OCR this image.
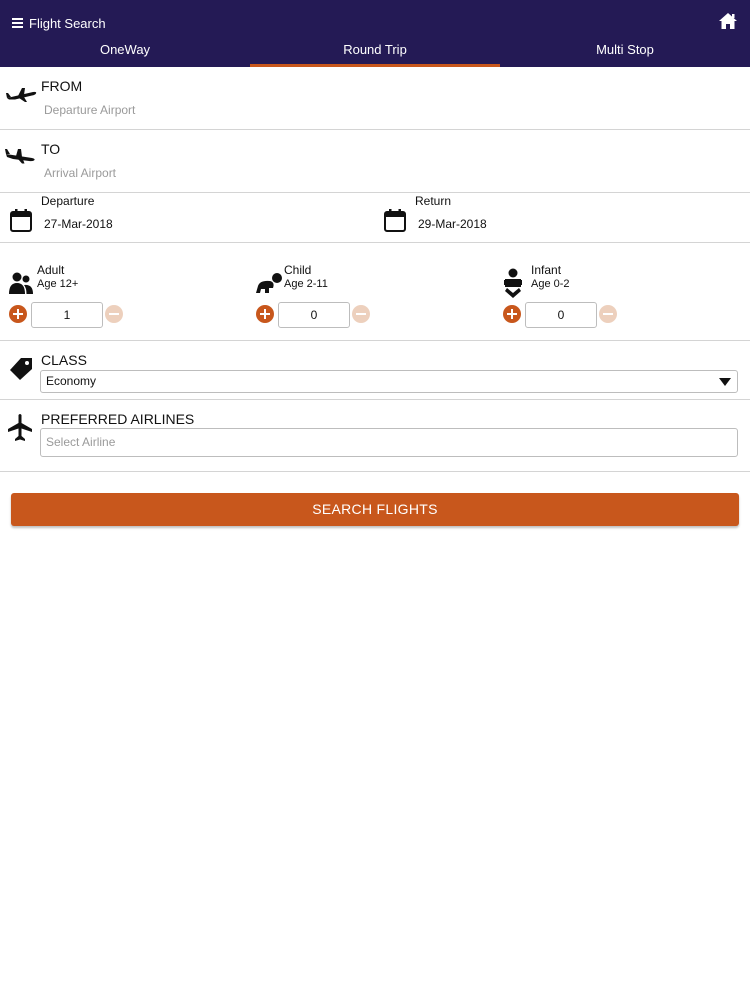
Flight Search
OneWay	Round Trip	Multi Stop
FROM
Departure Airport
TO
Arrival Airport
Departure
27-Mar-2018
Return
29-Mar-2018
Adult
Age 12+
1
Child
Age 2-11
0
Infant
Age 0-2
0
CLASS
Economy
PREFERRED AIRLINES
Select Airline
SEARCH FLIGHTS
